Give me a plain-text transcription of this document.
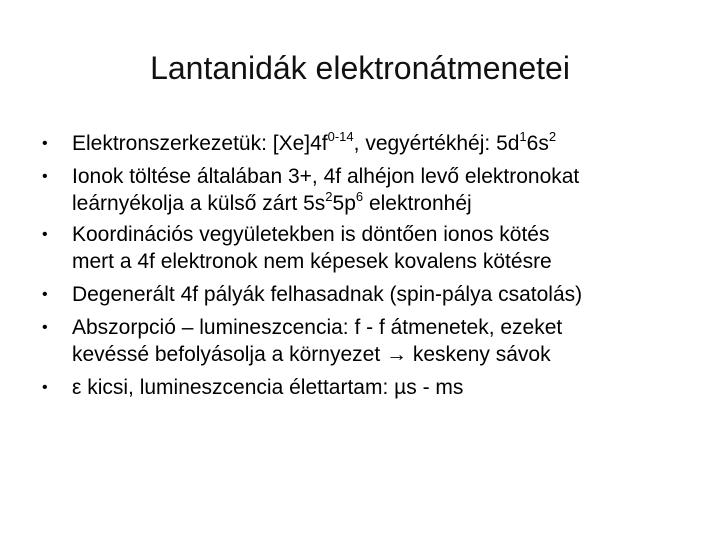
Lantanidák elektronátmenetei
• Elektronszerkezetük: $[Xe]4f^{0-14}$, vegyértékhéj: $5d^16s^2$
• Ionok töltése általában 3+, 4f alhéjon levő elektronokat
leárnyékolja a külső zárt $5s^25p^6$ elektronhéj
• Koordinációs vegyületekben is döntően ionos kötés
mert a 4f elektronok nem képesek kovalens kötésre
• Degenerált 4f pályák felhasadnak (spin-pálya csatolás)
• Abszorpció – lumineszcencia: f - f átmenetek, ezeket
kevéssé befolyásolja a környezet → keskeny sávok
• ε kicsi, lumineszcencia élettartam: µs - ms
